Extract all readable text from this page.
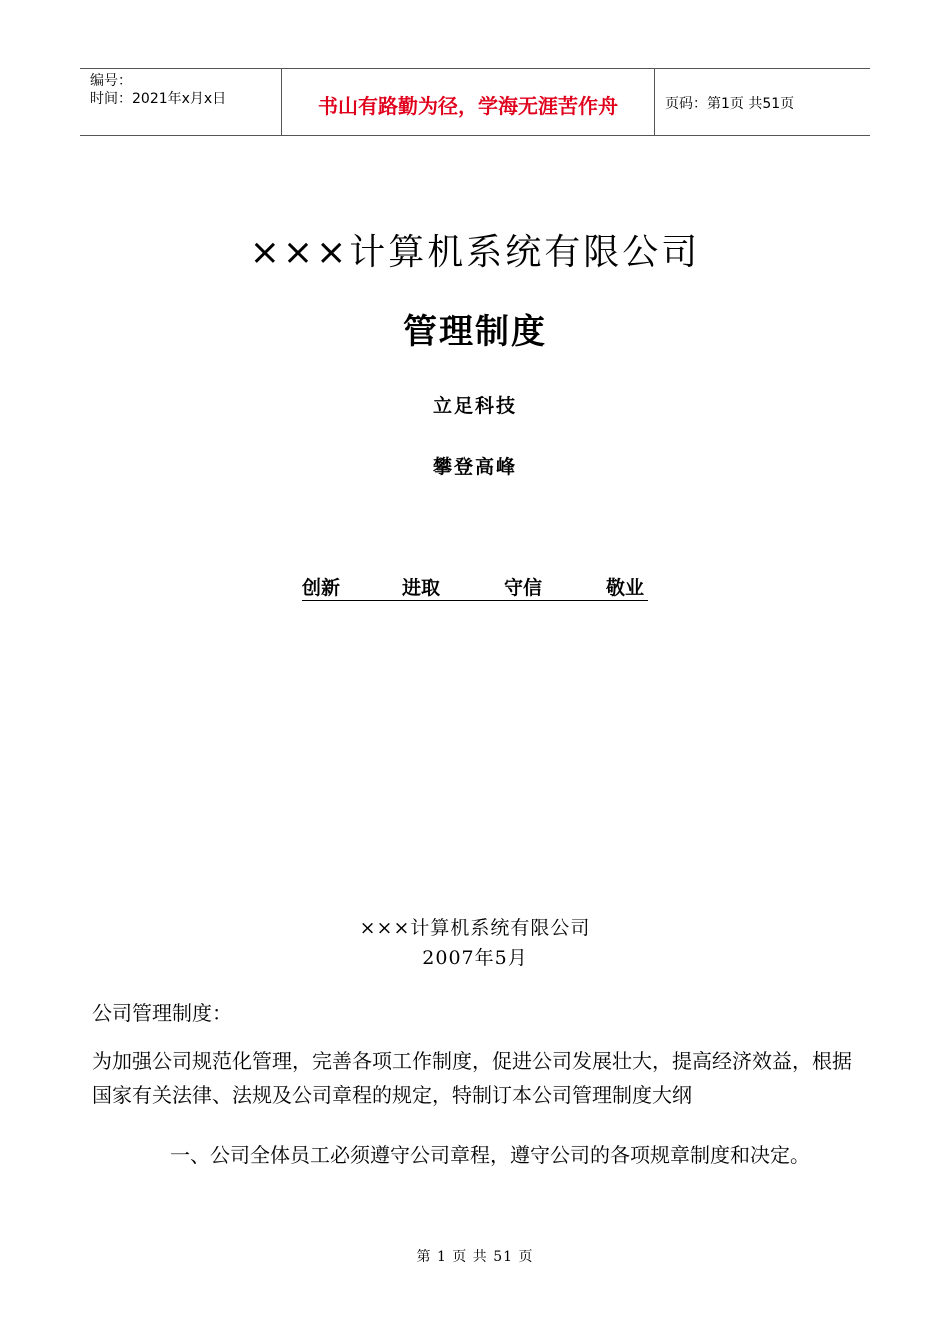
编号：
时间：2021年x月x日	书山有路勤为径，学海无涯苦作舟	页码：第1页 共51页
×××计算机系统有限公司
管理制度
立足科技
攀登高峰
创新	进取	守信	敬业
×××计算机系统有限公司
2007年5月
公司管理制度：
为加强公司规范化管理，完善各项工作制度，促进公司发展壮大，提高经济效益，根据国家有关法律、法规及公司章程的规定，特制订本公司管理制度大纲
一、公司全体员工必须遵守公司章程，遵守公司的各项规章制度和决定。
第 1 页 共 51 页
